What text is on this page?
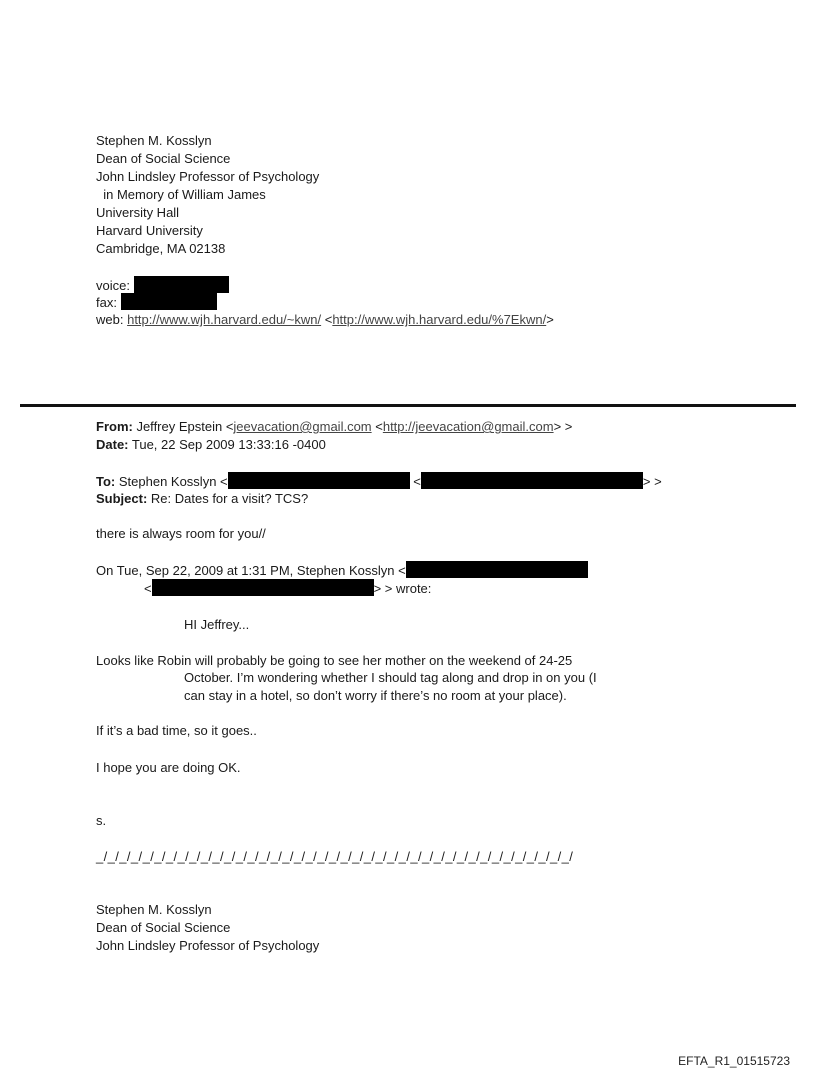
Stephen M. Kosslyn
Dean of Social Science
John Lindsley Professor of Psychology
in Memory of William James
University Hall
Harvard University
Cambridge, MA 02138
voice:
fax:
web: http://www.wjh.harvard.edu/~kwn/ <http://www.wjh.harvard.edu/%7Ekwn/>
From: Jeffrey Epstein <jeevacation@gmail.com <http://jeevacation@gmail.com> >
Date: Tue, 22 Sep 2009 13:33:16 -0400
To: Stephen Kosslyn <	<	> >
Subject: Re: Dates for a visit? TCS?
there is always room for you//
On Tue, Sep 22, 2009 at 1:31 PM, Stephen Kosslyn <
<	> > wrote:
HI Jeffrey...
Looks like Robin will probably be going to see her mother on the weekend of 24-25
October. I’m wondering whether I should tag along and drop in on you (I
can stay in a hotel, so don’t worry if there’s no room at your place).
If it’s a bad time, so it goes..
I hope you are doing OK.
s.
_/_/_/_/_/_/_/_/_/_/_/_/_/_/_/_/_/_/_/_/_/_/_/_/_/_/_/_/_/_/_/_/_/_/_/_/_/_/_/_/_/
Stephen M. Kosslyn
Dean of Social Science
John Lindsley Professor of Psychology
EFTA_R1_01515723
